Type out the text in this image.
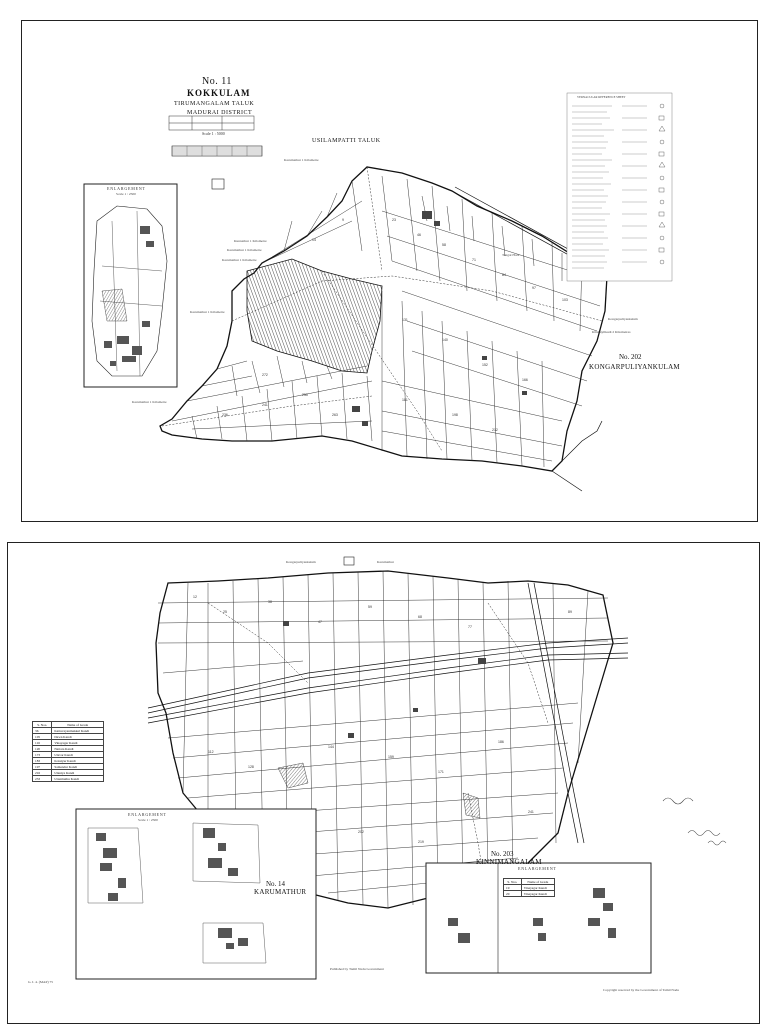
No. 11
KOKKULAM
TIRUMANGALAM TALUK
MADURAI DISTRICT
Scale 1 : 5000
23
46
58
71
84
97
103
131
140
152
166
181
198
212
236
241
255
263
272
14
9
ENLARGEMENT
Scale 1 : 2500
VERNACULAR REFERENCE SHEET
USILAMPATTI TALUK
No. 202
KONGARPULIYANKULAM
Karumathur 1 Kilometre
Kunnathur 1 Kilometre
Karumathur 1 Kilometre
Karumathur 1 Kilometre
Karumathur 1 Kilometre
Karumathur 1 Kilometre
Kongarpuliyankulam
Kilakuyilkudi 2 Kilometres
Tangal Hora
Kongarpuliyankulam	Karumathur
12
25
38
47
59
68
77
89
112
128
144
159
171
186
202
219
241
S. Nos.	Name of Grade
36	Kattuvayanmakkal Kandi
105	Dawn Kandi
116	Vinayagar Kandi
120	Nattara Kandi
173	Ulavar Kandi
183	Kolaiyur Kandi
197	Samandar Kandi
216	Ulaniya Kandi
233	Uranmuthu Kandi
S. Nos.	Name of Grade
19	Vinayagar Kandi
20	Vinayagar Kandi
ENLARGEMENT
Scale 1 : 2500
ENLARGEMENT
No. 14
KARUMATHUR
No. 203
KINNIMANGALAM
G. I. 4. (MAP) 75
Published by Tamil Nadu Government
Copyright reserved by the Government of Tamil Nadu
